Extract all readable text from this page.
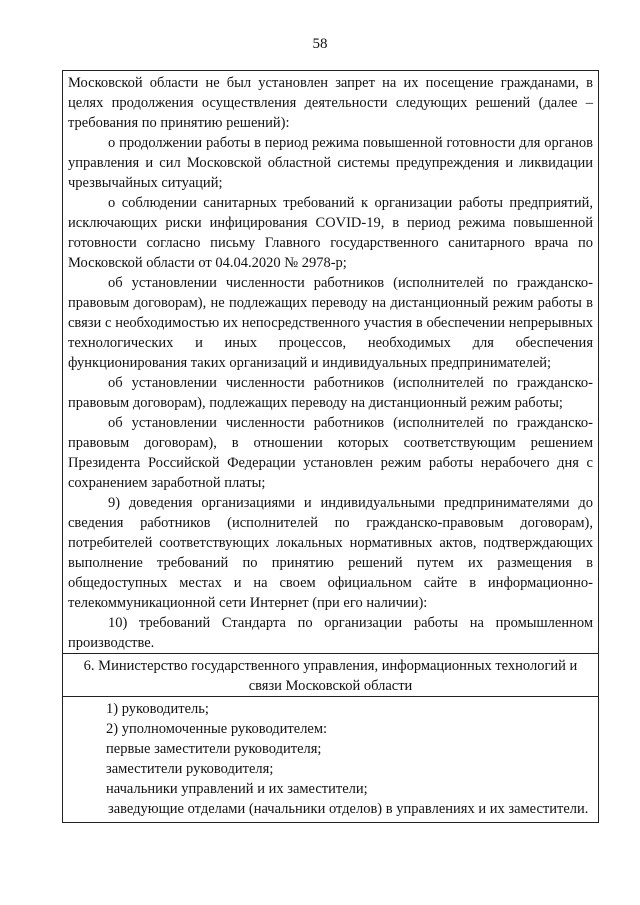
58

Московской области не был установлен запрет на их посещение гражданами, в целях продолжения осуществления деятельности следующих решений (далее – требования по принятию решений):

о продолжении работы в период режима повышенной готовности для органов управления и сил Московской областной системы предупреждения и ликвидации чрезвычайных ситуаций;

о соблюдении санитарных требований к организации работы предприятий, исключающих риски инфицирования COVID-19, в период режима повышенной готовности согласно письму Главного государственного санитарного врача по Московской области от 04.04.2020 № 2978-р;

об установлении численности работников (исполнителей по гражданско-правовым договорам), не подлежащих переводу на дистанционный режим работы в связи с необходимостью их непосредственного участия в обеспечении непрерывных технологических и иных процессов, необходимых для обеспечения функционирования таких организаций и индивидуальных предпринимателей;

об установлении численности работников (исполнителей по гражданско-правовым договорам), подлежащих переводу на дистанционный режим работы;

об установлении численности работников (исполнителей по гражданско-правовым договорам), в отношении которых соответствующим решением Президента Российской Федерации установлен режим работы нерабочего дня с сохранением заработной платы;

9) доведения организациями и индивидуальными предпринимателями до сведения работников (исполнителей по гражданско-правовым договорам), потребителей соответствующих локальных нормативных актов, подтверждающих выполнение требований по принятию решений путем их размещения в общедоступных местах и на своем официальном сайте в информационно-телекоммуникационной сети Интернет (при его наличии):

10) требований Стандарта по организации работы на промышленном производстве.

6. Министерство государственного управления, информационных технологий и связи Московской области

1) руководитель;

2) уполномоченные руководителем:

первые заместители руководителя;

заместители руководителя;

начальники управлений и их заместители;

заведующие отделами (начальники отделов) в управлениях и их заместители.
